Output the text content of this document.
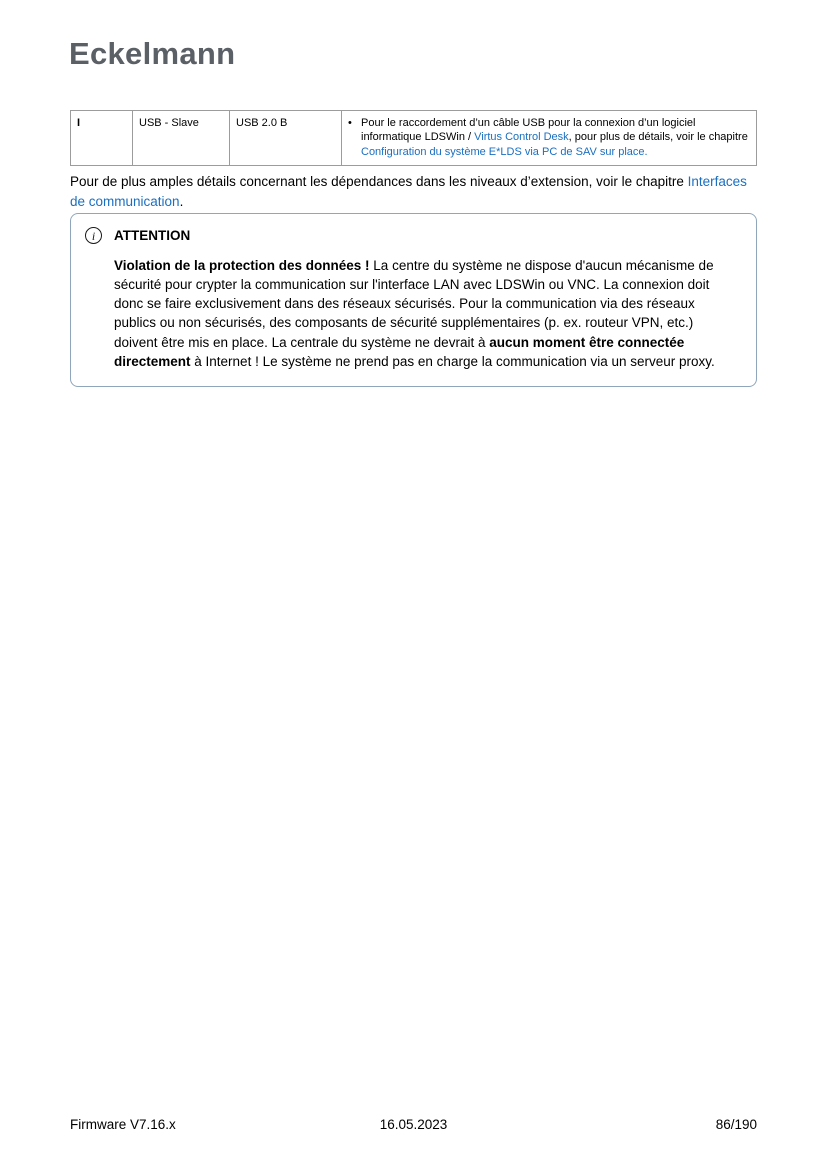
Eckelmann
I	USB - Slave	USB 2.0 B	• Pour le raccordement d’un câble USB pour la connexion d’un logiciel informatique LDSWin / Virtus Control Desk, pour plus de détails, voir le chapitre Configuration du système E*LDS via PC de SAV sur place.

Pour de plus amples détails concernant les dépendances dans les niveaux d’extension, voir le chapitre Interfaces de communication.

i ATTENTION
Violation de la protection des données ! La centre du système ne dispose d'aucun mécanisme de sécurité pour crypter la communication sur l'interface LAN avec LDSWin ou VNC. La connexion doit donc se faire exclusivement dans des réseaux sécurisés. Pour la communication via des réseaux publics ou non sécurisés, des composants de sécurité supplémentaires (p. ex. routeur VPN, etc.) doivent être mis en place. La centrale du système ne devrait à aucun moment être connectée directement à Internet ! Le système ne prend pas en charge la communication via un serveur proxy.
Firmware V7.16.x	16.05.2023	86/190
